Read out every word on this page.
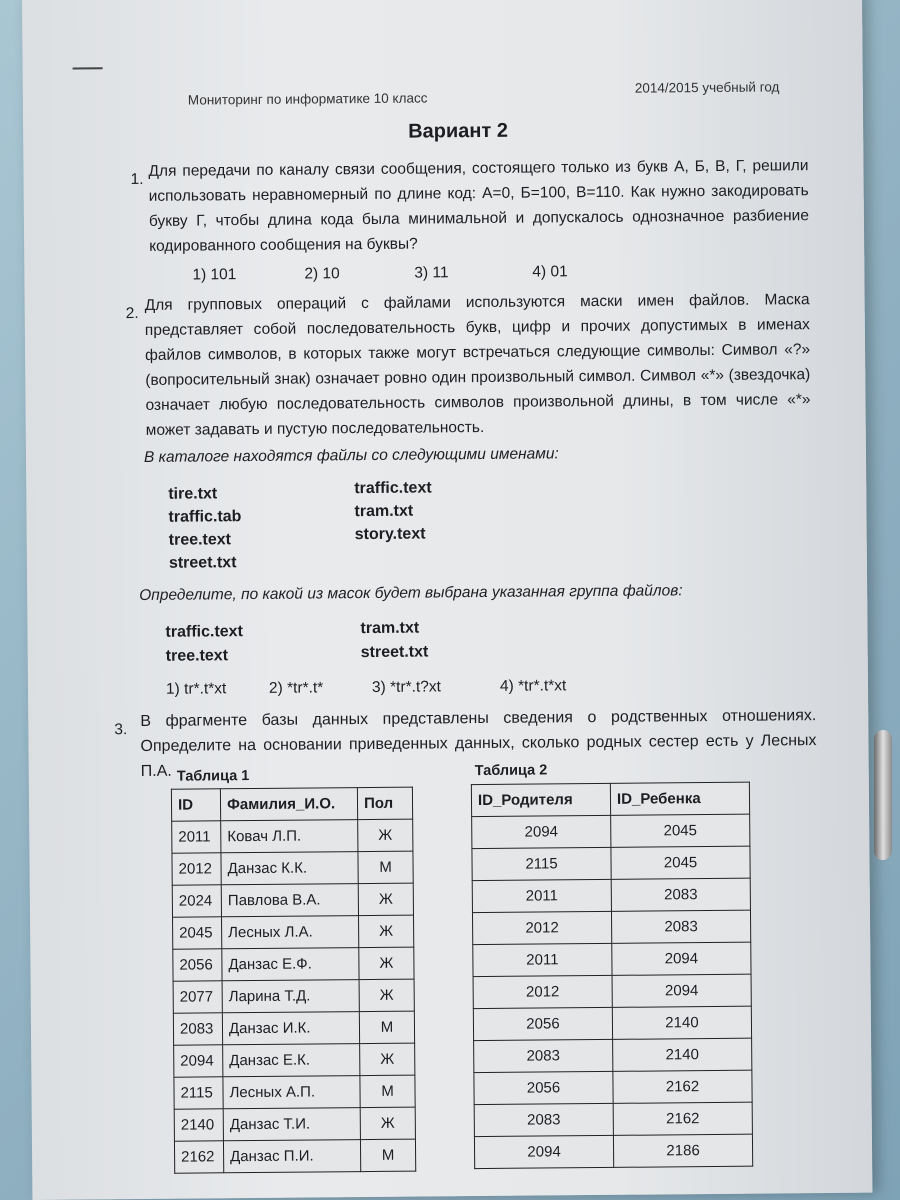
Мониторинг по информатике 10 класс
2014/2015 учебный год
Вариант 2
1. Для передачи по каналу связи сообщения, состоящего только из букв А, Б, В, Г, решили использовать неравномерный по длине код: А=0, Б=100, В=110. Как нужно закодировать букву Г, чтобы длина кода была минимальной и допускалось однозначное разбиение кодированного сообщения на буквы?
1) 101	2) 10	3) 11	4) 01
2. Для групповых операций с файлами используются маски имен файлов. Маска представляет собой последовательность букв, цифр и прочих допустимых в именах файлов символов, в которых также могут встречаться следующие символы: Символ «?» (вопросительный знак) означает ровно один произвольный символ. Символ «*» (звездочка) означает любую последовательность символов произвольной длины, в том числе «*» может задавать и пустую последовательность.
В каталоге находятся файлы со следующими именами:
tire.txt
traffic.tab
tree.text
street.txt
traffic.text
tram.txt
story.text
Определите, по какой из масок будет выбрана указанная группа файлов:
traffic.text
tree.text
tram.txt
street.txt
1) tr*.t*xt	2) *tr*.t*	3) *tr*.t?xt	4) *tr*.t*xt
3. В фрагменте базы данных представлены сведения о родственных отношениях. Определите на основании приведенных данных, сколько родных сестер есть у Лесных П.А. Таблица 1	Таблица 2
ID	Фамилия_И.О.	Пол
2011	Ковач Л.П.	Ж
2012	Данзас К.К.	М
2024	Павлова В.А.	Ж
2045	Лесных Л.А.	Ж
2056	Данзас Е.Ф.	Ж
2077	Ларина Т.Д.	Ж
2083	Данзас И.К.	М
2094	Данзас Е.К.	Ж
2115	Лесных А.П.	М
2140	Данзас Т.И.	Ж
2162	Данзас П.И.	М
ID_Родителя	ID_Ребенка
2094	2045
2115	2045
2011	2083
2012	2083
2011	2094
2012	2094
2056	2140
2083	2140
2056	2162
2083	2162
2094	2186
